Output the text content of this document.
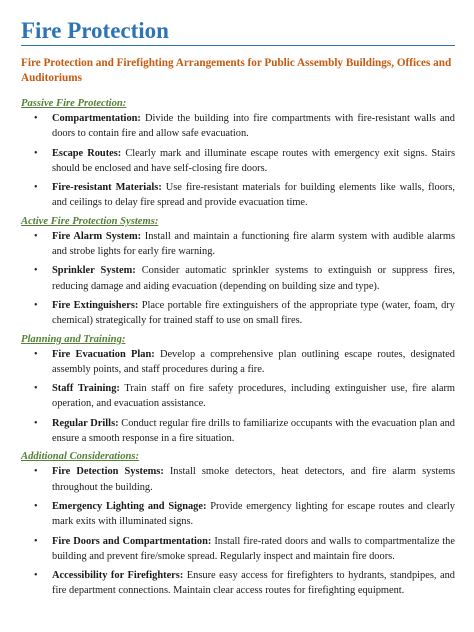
Fire Protection
Fire Protection and Firefighting Arrangements for Public Assembly Buildings, Offices and Auditoriums
Passive Fire Protection:
• Compartmentation: Divide the building into fire compartments with fire-resistant walls and doors to contain fire and allow safe evacuation.
• Escape Routes: Clearly mark and illuminate escape routes with emergency exit signs. Stairs should be enclosed and have self-closing fire doors.
• Fire-resistant Materials: Use fire-resistant materials for building elements like walls, floors, and ceilings to delay fire spread and provide evacuation time.
Active Fire Protection Systems:
• Fire Alarm System: Install and maintain a functioning fire alarm system with audible alarms and strobe lights for early fire warning.
• Sprinkler System: Consider automatic sprinkler systems to extinguish or suppress fires, reducing damage and aiding evacuation (depending on building size and type).
• Fire Extinguishers: Place portable fire extinguishers of the appropriate type (water, foam, dry chemical) strategically for trained staff to use on small fires.
Planning and Training:
• Fire Evacuation Plan: Develop a comprehensive plan outlining escape routes, designated assembly points, and staff procedures during a fire.
• Staff Training: Train staff on fire safety procedures, including extinguisher use, fire alarm operation, and evacuation assistance.
• Regular Drills: Conduct regular fire drills to familiarize occupants with the evacuation plan and ensure a smooth response in a fire situation.
Additional Considerations:
• Fire Detection Systems: Install smoke detectors, heat detectors, and fire alarm systems throughout the building.
• Emergency Lighting and Signage: Provide emergency lighting for escape routes and clearly mark exits with illuminated signs.
• Fire Doors and Compartmentation: Install fire-rated doors and walls to compartmentalize the building and prevent fire/smoke spread. Regularly inspect and maintain fire doors.
• Accessibility for Firefighters: Ensure easy access for firefighters to hydrants, standpipes, and fire department connections. Maintain clear access routes for firefighting equipment.
